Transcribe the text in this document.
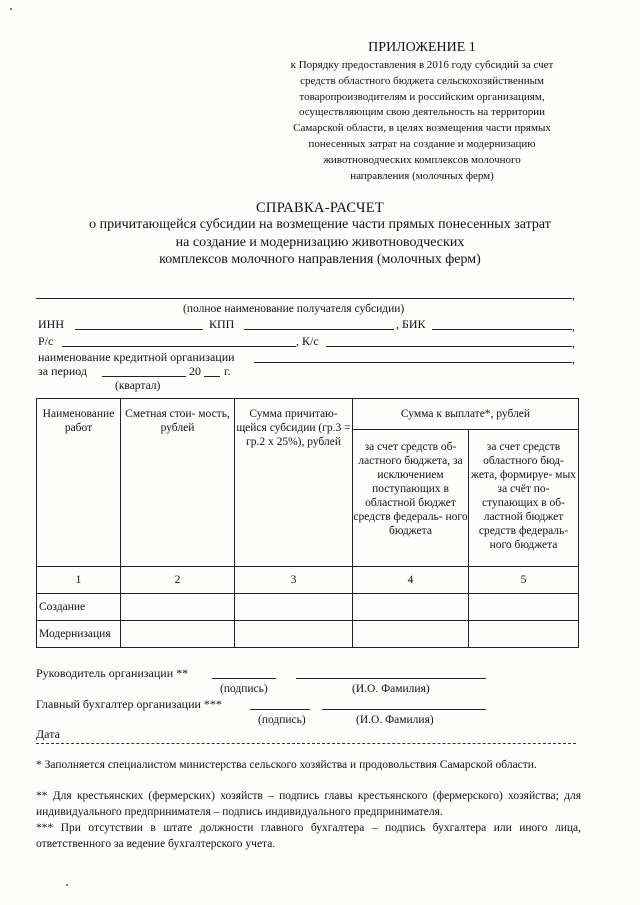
ПРИЛОЖЕНИЕ 1
к Порядку предоставления в 2016 году субсидий за счет
средств областного бюджета сельскохозяйственным
товаропроизводителям и российским организациям,
осуществляющим свою деятельность на территории
Самарской области, в целях возмещения части прямых
понесенных затрат на создание и модернизацию
животноводческих комплексов молочного
направления (молочных ферм)
СПРАВКА-РАСЧЕТ
о причитающейся субсидии на возмещение части прямых понесенных затрат
на создание и модернизацию животноводческих
комплексов молочного направления (молочных ферм)
,
(полное наименование получателя субсидии)
ИНН	КПП	, БИК	,
Р/с	, К/с	,
наименование кредитной организации	,
за период	20 г.
(квартал)
Наименование работ	Сметная стои- мость, рублей	Сумма причитаю- щейся субсидии (гр.3 = гр.2 х 25%), рублей	Сумма к выплате*, рублей	
			за счет средств об- ластного бюджета, за исключением поступающих в областной бюджет средств федераль- ного бюджета	за счет средств областного бюд- жета, формируе- мых за счёт по- ступающих в об- ластной бюджет средств федераль- ного бюджета
1	2	3	4	5
Создание				
Модернизация				
Руководитель организации **
(подпись)	(И.О. Фамилия)
Главный бухгалтер организации ***
(подпись)	(И.О. Фамилия)
Дата
* Заполняется специалистом министерства сельского хозяйства и продовольствия Самарской области.
** Для крестьянских (фермерских) хозяйств – подпись главы крестьянского (фермерского) хозяйства; для индивидуального предпринимателя – подпись индивидуального предпринимателя.
*** При отсутствии в штате должности главного бухгалтера – подпись бухгалтера или иного лица, ответственного за ведение бухгалтерского учета.
